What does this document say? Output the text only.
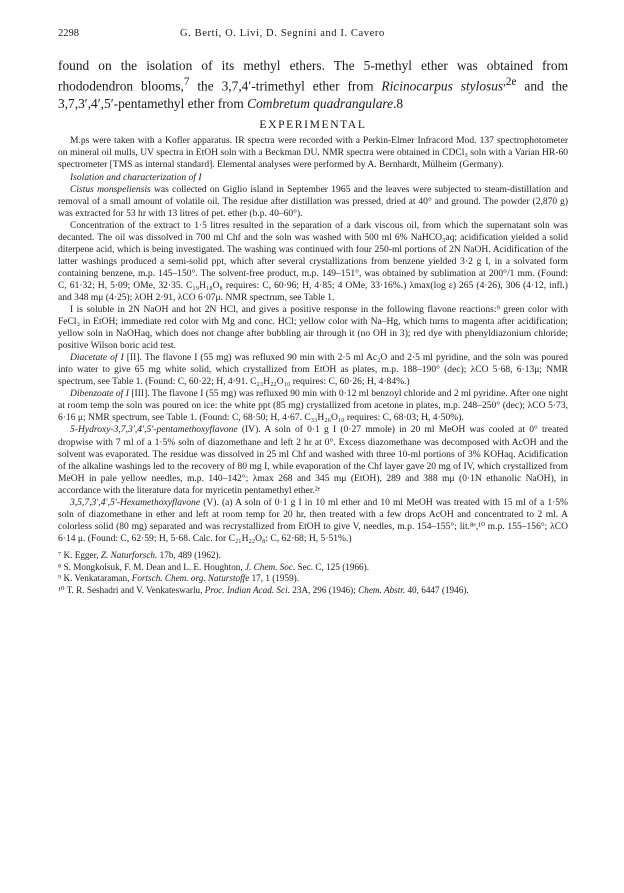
2298	G. Berti, O. Livi, D. Segnini and I. Cavero
found on the isolation of its methyl ethers. The 5-methyl ether was obtained from rhododendron blooms,$^7$ the 3,7,4′-trimethyl ether from Ricinocarpus stylosus$^{,2e}$ and the 3,7,3′,4′,5′-pentamethyl ether from Combretum quadrangulare.8
EXPERIMENTAL

M.ps were taken with a Kofler apparatus. IR spectra were recorded with a Perkin-Elmer Infracord Mod. 137 spectrophotometer on mineral oil mulls, UV spectra in EtOH soln with a Beckman DU. NMR spectra were obtained in CDCl₃ soln with a Varian HR-60 spectrometer [TMS as internal standard]. Elemental analyses were performed by A. Bernhardt, Mülheim (Germany).

Isolation and characterization of I

Cistus monspeliensis was collected on Giglio island in September 1965 and the leaves were subjected to steam-distillation and removal of a small amount of volatile oil. The residue after distillation was pressed, dried at 40° and ground. The powder (2,870 g) was extracted for 53 hr with 13 litres of pet. ether (b.p. 40–60°).

Concentration of the extract to 1·5 litres resulted in the separation of a dark viscous oil, from which the supernatant soln was decanted. The oil was dissolved in 700 ml Chf and the soln was washed with 500 ml 6% NaHCO₃aq; acidification yielded a solid diterpene acid, which is being investigated. The washing was continued with four 250-ml portions of 2N NaOH. Acidification of the latter washings produced a semi-solid ppt, which after several crystallizations from benzene yielded 3·2 g I, in a solvated form containing benzene, m.p. 145–150°. The solvent-free product, m.p. 149–151°, was obtained by sublimation at 200°/1 mm. (Found: C, 61·32; H, 5·09; OMe, 32·35. C₁₉H₁₈O₈ requires: C, 60·96; H, 4·85; 4 OMe, 33·16%.) λmax(log ε) 265 (4·26), 306 (4·12, infl.) and 348 mμ (4·25); λOH 2·91, λCO 6·07μ. NMR spectrum, see Table 1.

I is soluble in 2N NaOH and hot 2N HCl, and gives a positive response in the following flavone reactions:⁹ green color with FeCl₃ in EtOH; immediate red color with Mg and conc. HCl; yellow color with Na–Hg, which turns to magenta after acidification; yellow soln in NaOHaq, which does not change after bubbling air through it (no OH in 3); red dye with phenyldiazonium chloride; positive Wilson boric acid test.

Diacetate of I [II]. The flavone I (55 mg) was refluxed 90 min with 2·5 ml Ac₂O and 2·5 ml pyridine, and the soln was poured into water to give 65 mg white solid, which crystallized from EtOH as plates, m.p. 188–190° (dec); λCO 5·68, 6·13μ; NMR spectrum, see Table 1. (Found: C, 60·22; H, 4·91. C₂₃H₂₂O₁₀ requires: C, 60·26; H, 4·84%.)

Dibenzoate of I [III]. The flavone I (55 mg) was refluxed 90 min with 0·12 ml benzoyl chloride and 2 ml pyridine. After one night at room temp the soln was poured on ice: the white ppt (85 mg) crystallized from acetone in plates, m.p. 248–250° (dec); λCO 5·73, 6·16 μ; NMR spectrum, see Table 1. (Found: C, 68·50; H, 4·67. C₃₃H₂₆O₁₀ requires: C, 68·03; H, 4·50%).

5-Hydroxy-3,7,3′,4′,5′-pentamethoxyflavone (IV). A soln of 0·1 g I (0·27 mmole) in 20 ml MeOH was cooled at 0° treated dropwise with 7 ml of a 1·5% soln of diazomethane and left 2 hr at 0°. Excess diazomethane was decomposed with AcOH and the solvent was evaporated. The residue was dissolved in 25 ml Chf and washed with three 10-ml portions of 3% KOHaq. Acidification of the alkaline washings led to the recovery of 80 mg I, while evaporation of the Chf layer gave 20 mg of IV, which crystallized from MeOH in pale yellow needles, m.p. 140–142°; λmax 268 and 345 mμ (EtOH), 289 and 388 mμ (0·1N ethanolic NaOH), in accordance with the literature data for myricetin pentamethyl ether.²ᵉ

3,5,7,3′,4′,5′-Hexamethoxyflavone (V). (a) A soln of 0·1 g I in 10 ml ether and 10 ml MeOH was treated with 15 ml of a 1·5% soln of diazomethane in ether and left at room temp for 20 hr, then treated with a few drops AcOH and concentrated to 2 ml. A colorless solid (80 mg) separated and was recrystallized from EtOH to give V, needles, m.p. 154–155°; lit.⁸ᵉ,¹⁰ m.p. 155–156°; λCO 6·14 μ. (Found: C, 62·59; H, 5·68. Calc. for C₂₁H₂₂O₈: C, 62·68; H, 5·51%.)

⁷ K. Egger, Z. Naturforsch. 17b, 489 (1962).

⁸ S. Mongkolsuk, F. M. Dean and L. E. Houghton, J. Chem. Soc. Sec. C, 125 (1966).

⁹ K. Venkataraman, Fortsch. Chem. org. Naturstoffe 17, 1 (1959).

¹⁰ T. R. Seshadri and V. Venkateswarlu, Proc. Indian Acad. Sci. 23A, 296 (1946); Chem. Abstr. 40, 6447 (1946).
